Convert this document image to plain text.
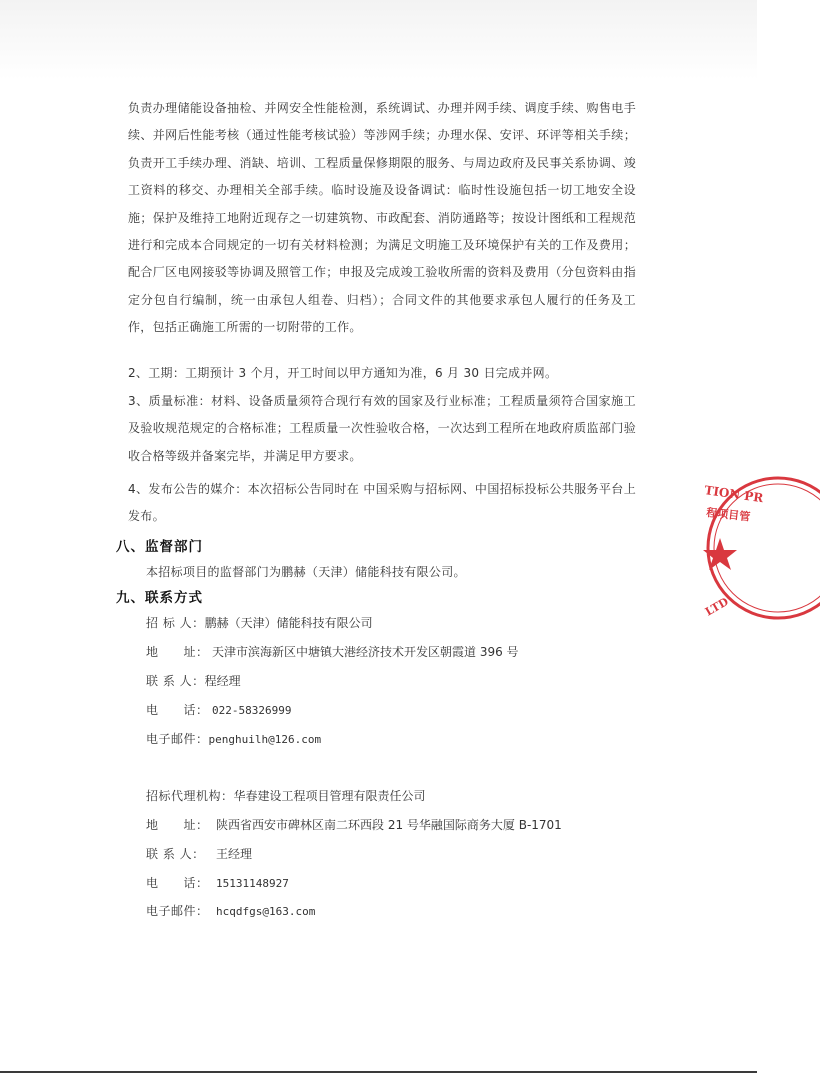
负责办理储能设备抽检、并网安全性能检测，系统调试、办理并网手续、调度手续、购售电手续、并网后性能考核（通过性能考核试验）等涉网手续；办理水保、安评、环评等相关手续；负责开工手续办理、消缺、培训、工程质量保修期限的服务、与周边政府及民事关系协调、竣工资料的移交、办理相关全部手续。临时设施及设备调试：临时性设施包括一切工地安全设施；保护及维持工地附近现存之一切建筑物、市政配套、消防通路等；按设计图纸和工程规范进行和完成本合同规定的一切有关材料检测；为满足文明施工及环境保护有关的工作及费用；配合厂区电网接驳等协调及照管工作；申报及完成竣工验收所需的资料及费用（分包资料由指定分包自行编制，统一由承包人组卷、归档）；合同文件的其他要求承包人履行的任务及工作，包括正确施工所需的一切附带的工作。
2、工期：工期预计 3 个月，开工时间以甲方通知为准，6 月 30 日完成并网。
3、质量标准：材料、设备质量须符合现行有效的国家及行业标准；工程质量须符合国家施工及验收规范规定的合格标准；工程质量一次性验收合格，一次达到工程所在地政府质监部门验收合格等级并备案完毕，并满足甲方要求。
4、发布公告的媒介：本次招标公告同时在 中国采购与招标网、中国招标投标公共服务平台上发布。
八、监督部门
本招标项目的监督部门为鹏赫（天津）储能科技有限公司。
九、联系方式
招 标 人：鹏赫（天津）储能科技有限公司
地　　址： 天津市滨海新区中塘镇大港经济技术开发区朝霞道 396 号
联 系 人：程经理
电　　话： 022-58326999
电子邮件：penghuilh@126.com
招标代理机构：华春建设工程项目管理有限责任公司
地　　址： 陕西省西安市碑林区南二环西段 21 号华融国际商务大厦 B-1701
联 系 人： 王经理
电　　话： 15131148927
电子邮件： hcqdfgs@163.com
TION PR
程项目管
LTD
